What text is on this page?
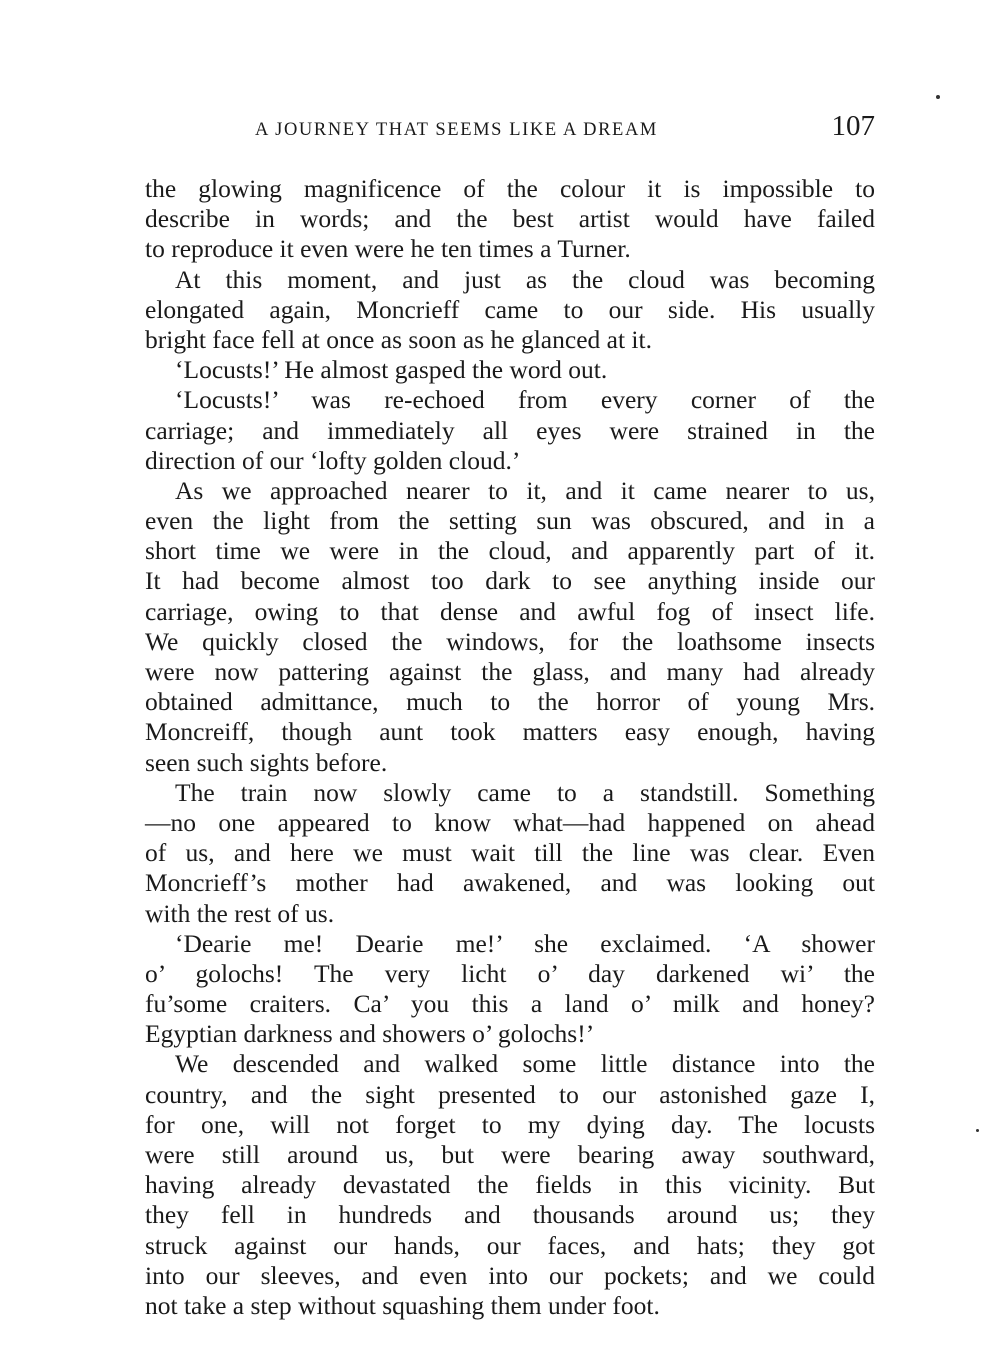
A JOURNEY THAT SEEMS LIKE A DREAM	107
the glowing magnificence of the colour it is impossible to
describe in words; and the best artist would have failed
to reproduce it even were he ten times a Turner.
At this moment, and just as the cloud was becoming
elongated again, Moncrieff came to our side. His usually
bright face fell at once as soon as he glanced at it.
‘Locusts!’ He almost gasped the word out.
‘Locusts!’ was re-echoed from every corner of the
carriage; and immediately all eyes were strained in the
direction of our ‘lofty golden cloud.’
As we approached nearer to it, and it came nearer to us,
even the light from the setting sun was obscured, and in a
short time we were in the cloud, and apparently part of it.
It had become almost too dark to see anything inside our
carriage, owing to that dense and awful fog of insect life.
We quickly closed the windows, for the loathsome insects
were now pattering against the glass, and many had already
obtained admittance, much to the horror of young Mrs.
Moncreiff, though aunt took matters easy enough, having
seen such sights before.
The train now slowly came to a standstill. Something
—no one appeared to know what—had happened on ahead
of us, and here we must wait till the line was clear. Even
Moncrieff’s mother had awakened, and was looking out
with the rest of us.
‘Dearie me! Dearie me!’ she exclaimed. ‘A shower
o’ golochs! The very licht o’ day darkened wi’ the
fu’some craiters. Ca’ you this a land o’ milk and honey?
Egyptian darkness and showers o’ golochs!’
We descended and walked some little distance into the
country, and the sight presented to our astonished gaze I,
for one, will not forget to my dying day. The locusts
were still around us, but were bearing away southward,
having already devastated the fields in this vicinity. But
they fell in hundreds and thousands around us; they
struck against our hands, our faces, and hats; they got
into our sleeves, and even into our pockets; and we could
not take a step without squashing them under foot.
